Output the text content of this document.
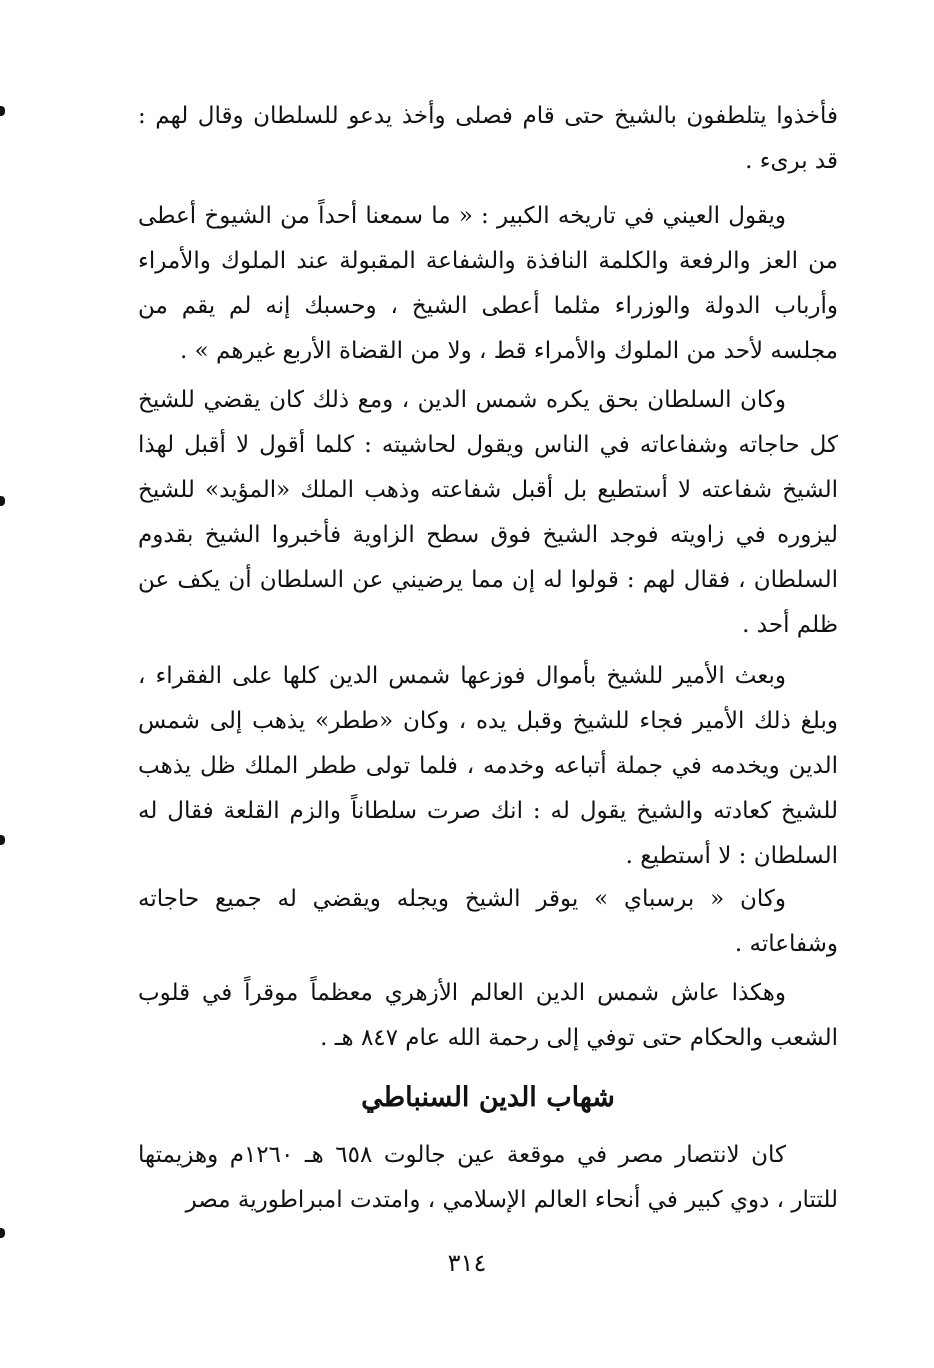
فأخذوا يتلطفون بالشيخ حتى قام فصلى وأخذ يدعو للسلطان وقال لهم : قد برىء .

ويقول العيني في تاريخه الكبير : « ما سمعنا أحداً من الشيوخ أعطى من العز والرفعة والكلمة النافذة والشفاعة المقبولة عند الملوك والأمراء وأرباب الدولة والوزراء مثلما أعطى الشيخ ، وحسبك إنه لم يقم من مجلسه لأحد من الملوك والأمراء قط ، ولا من القضاة الأربع غيرهم » .

وكان السلطان بحق يكره شمس الدين ، ومع ذلك كان يقضي للشيخ كل حاجاته وشفاعاته في الناس ويقول لحاشيته : كلما أقول لا أقبل لهذا الشيخ شفاعته لا أستطيع بل أقبل شفاعته وذهب الملك «المؤيد» للشيخ ليزوره في زاويته فوجد الشيخ فوق سطح الزاوية فأخبروا الشيخ بقدوم السلطان ، فقال لهم : قولوا له إن مما يرضيني عن السلطان أن يكف عن ظلم أحد .

وبعث الأمير للشيخ بأموال فوزعها شمس الدين كلها على الفقراء ، وبلغ ذلك الأمير فجاء للشيخ وقبل يده ، وكان «ططر» يذهب إلى شمس الدين ويخدمه في جملة أتباعه وخدمه ، فلما تولى ططر الملك ظل يذهب للشيخ كعادته والشيخ يقول له : انك صرت سلطاناً والزم القلعة فقال له السلطان : لا أستطيع .

وكان « برسباي » يوقر الشيخ ويجله ويقضي له جميع حاجاته وشفاعاته .

وهكذا عاش شمس الدين العالم الأزهري معظماً موقراً في قلوب الشعب والحكام حتى توفي إلى رحمة الله عام ٨٤٧ هـ .

شهاب الدين السنباطي

كان لانتصار مصر في موقعة عين جالوت ٦٥٨ هـ ١٢٦٠م وهزيمتها للتتار ، دوي كبير في أنحاء العالم الإسلامي ، وامتدت امبراطورية مصر

٣١٤
